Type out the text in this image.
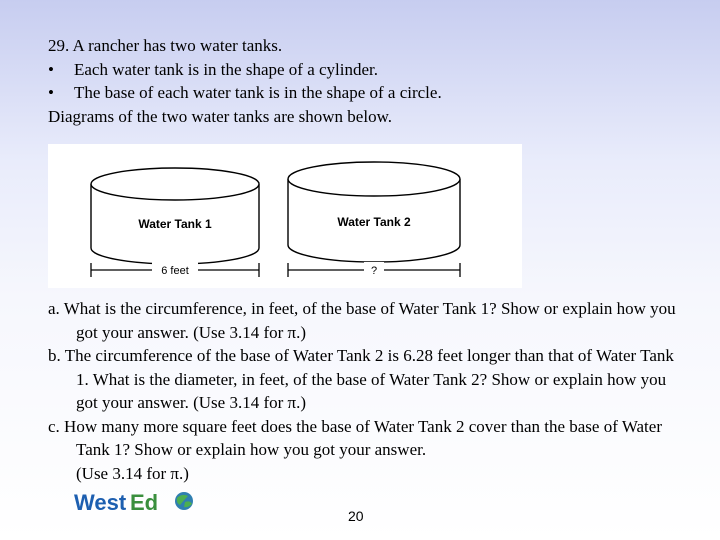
29. A rancher has two water tanks.

•	Each water tank is in the shape of a cylinder.
•	The base of each water tank is in the shape of a circle.

Diagrams of the two water tanks are shown below.

Water Tank 1
6 feet
Water Tank 2
?

a. What is the circumference, in feet, of the base of Water Tank 1? Show or explain how you got your answer. (Use 3.14 for π.)

b. The circumference of the base of Water Tank 2 is 6.28 feet longer than that of Water Tank 1. What is the diameter, in feet, of the base of Water Tank 2? Show or explain how you got your answer. (Use 3.14 for π.)

c. How many more square feet does the base of Water Tank 2 cover than the base of Water Tank 1? Show or explain how you got your answer.

(Use 3.14 for π.)

West Ed
20
